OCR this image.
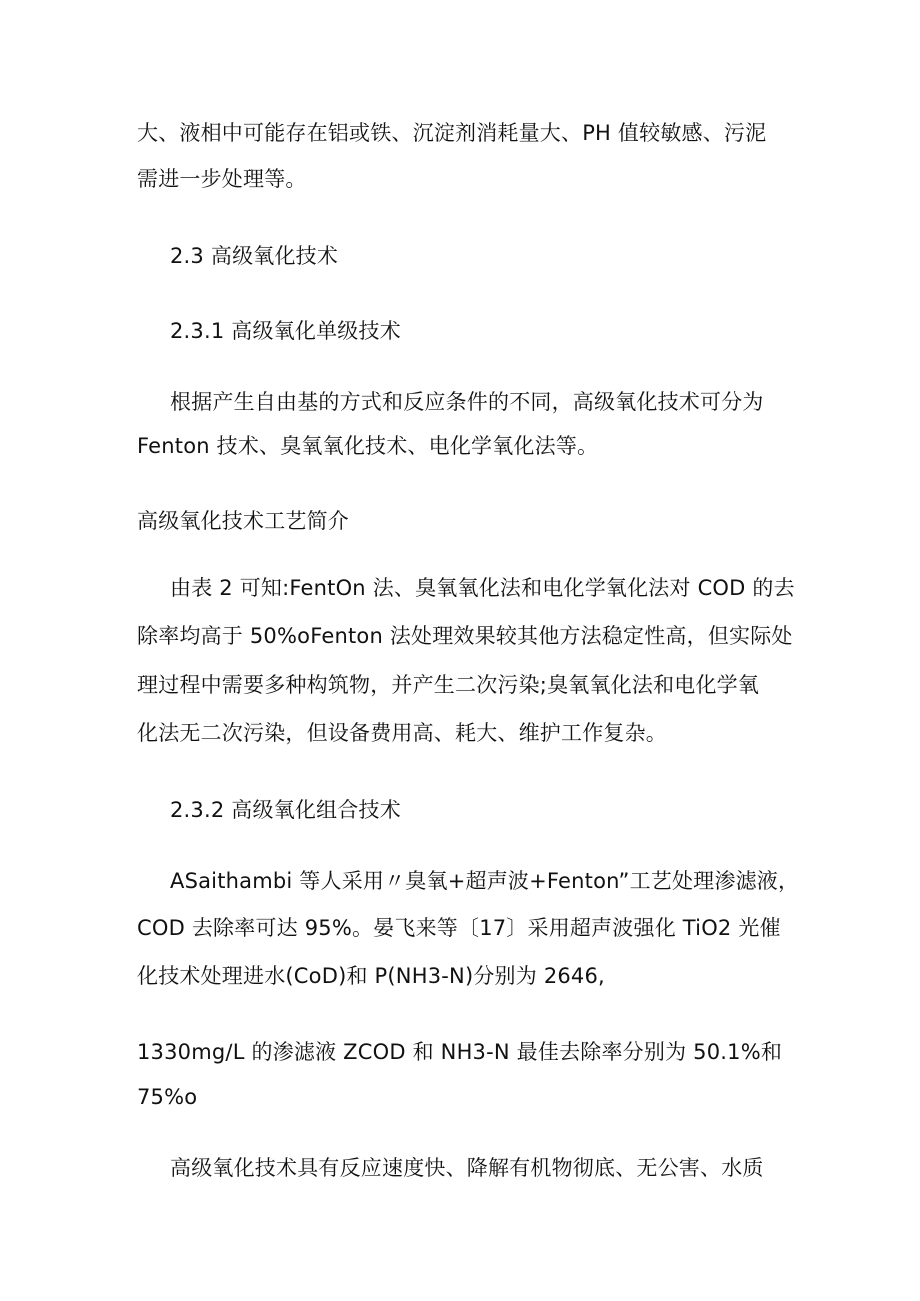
大、液相中可能存在铝或铁、沉淀剂消耗量大、PH 值较敏感、污泥
需进一步处理等。
2.3 高级氧化技术
2.3.1 高级氧化单级技术
根据产生自由基的方式和反应条件的不同，高级氧化技术可分为
Fenton 技术、臭氧氧化技术、电化学氧化法等。
高级氧化技术工艺简介
由表 2 可知:FentOn 法、臭氧氧化法和电化学氧化法对 COD 的去
除率均高于 50%oFenton 法处理效果较其他方法稳定性高，但实际处
理过程中需要多种构筑物，并产生二次污染;臭氧氧化法和电化学氧
化法无二次污染，但设备费用高、耗大、维护工作复杂。
2.3.2 高级氧化组合技术
ASaithambi 等人采用〃臭氧+超声波+Fenton”工艺处理渗滤液，
COD 去除率可达 95%。晏飞来等〔17〕采用超声波强化 TiO2 光催
化技术处理进水(CoD)和 P(NH3-N)分别为 2646,
1330mg∕L 的渗滤液 ZCOD 和 NH3-N 最佳去除率分别为 50.1%和
75%o
高级氧化技术具有反应速度快、降解有机物彻底、无公害、水质
